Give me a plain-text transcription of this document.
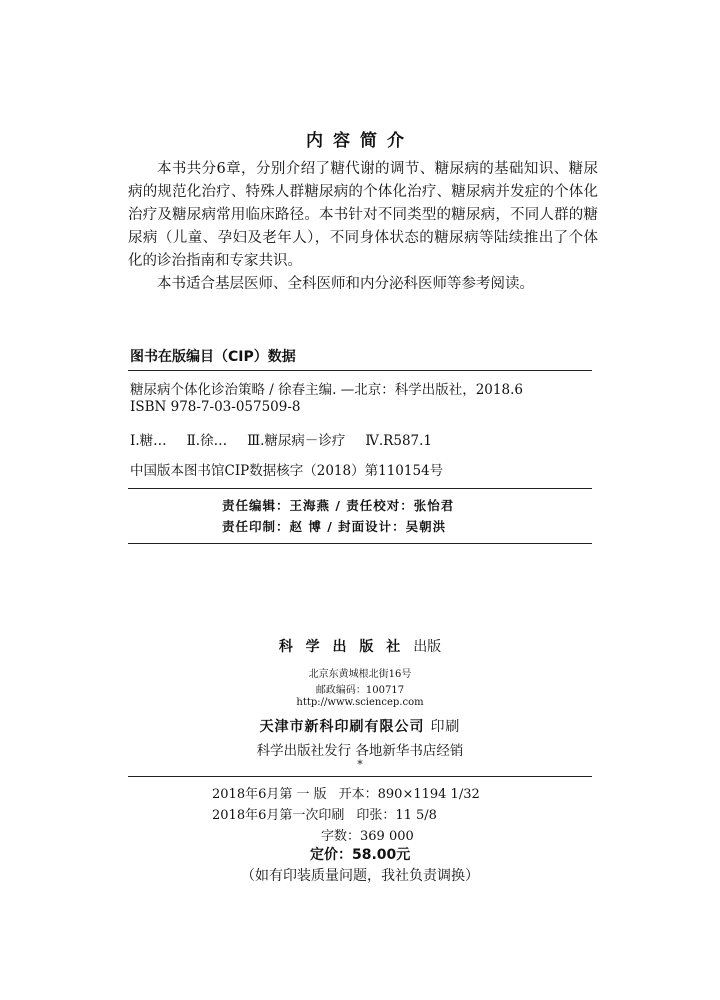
内容简介

本书共分6章，分别介绍了糖代谢的调节、糖尿病的基础知识、糖尿病的规范化治疗、特殊人群糖尿病的个体化治疗、糖尿病并发症的个体化治疗及糖尿病常用临床路径。本书针对不同类型的糖尿病，不同人群的糖尿病（儿童、孕妇及老年人），不同身体状态的糖尿病等陆续推出了个体化的诊治指南和专家共识。

本书适合基层医师、全科医师和内分泌科医师等参考阅读。

图书在版编目（CIP）数据
糖尿病个体化诊治策略 / 徐春主编. —北京：科学出版社，2018.6
ISBN 978-7-03-057509-8
Ⅰ.糖… Ⅱ.徐… Ⅲ.糖尿病－诊疗 Ⅳ.R587.1
中国版本图书馆CIP数据核字（2018）第110154号
责任编辑：王海燕 / 责任校对：张怡君
责任印制：赵 博 / 封面设计：吴朝洪
科 学 出 版 社 出版
北京东黄城根北街16号
邮政编码：100717
http://www.sciencep.com
天津市新科印刷有限公司 印刷
科学出版社发行 各地新华书店经销
*
2018年6月第 一 版 开本：890×1194 1/32
2018年6月第一次印刷 印张：11 5/8
字数：369 000
定价：58.00元
（如有印装质量问题，我社负责调换）
